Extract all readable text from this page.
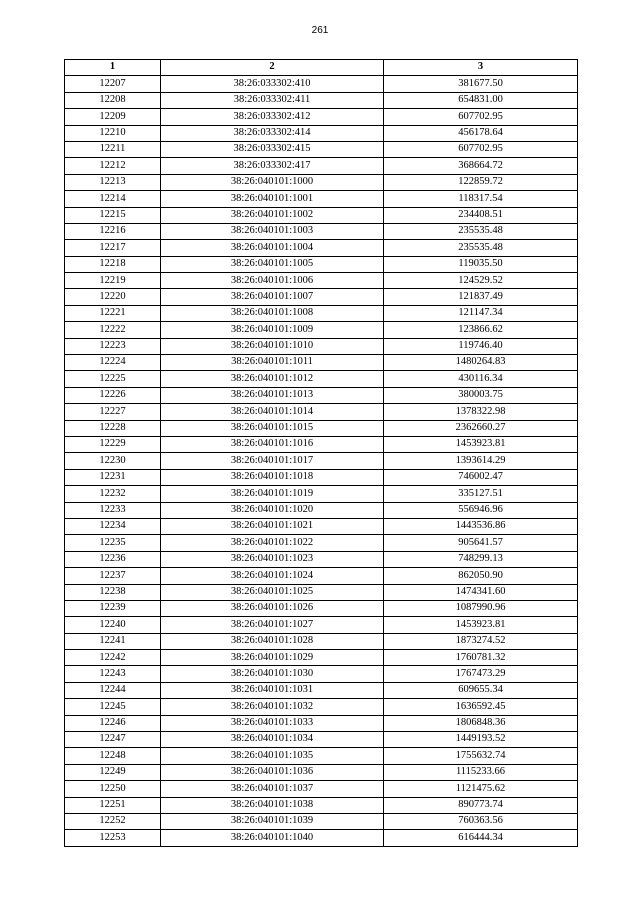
261
1	2	3
12207	38:26:033302:410	381677.50
12208	38:26:033302:411	654831.00
12209	38:26:033302:412	607702.95
12210	38:26:033302:414	456178.64
12211	38:26:033302:415	607702.95
12212	38:26:033302:417	368664.72
12213	38:26:040101:1000	122859.72
12214	38:26:040101:1001	118317.54
12215	38:26:040101:1002	234408.51
12216	38:26:040101:1003	235535.48
12217	38:26:040101:1004	235535.48
12218	38:26:040101:1005	119035.50
12219	38:26:040101:1006	124529.52
12220	38:26:040101:1007	121837.49
12221	38:26:040101:1008	121147.34
12222	38:26:040101:1009	123866.62
12223	38:26:040101:1010	119746.40
12224	38:26:040101:1011	1480264.83
12225	38:26:040101:1012	430116.34
12226	38:26:040101:1013	380003.75
12227	38:26:040101:1014	1378322.98
12228	38:26:040101:1015	2362660.27
12229	38:26:040101:1016	1453923.81
12230	38:26:040101:1017	1393614.29
12231	38:26:040101:1018	746002.47
12232	38:26:040101:1019	335127.51
12233	38:26:040101:1020	556946.96
12234	38:26:040101:1021	1443536.86
12235	38:26:040101:1022	905641.57
12236	38:26:040101:1023	748299.13
12237	38:26:040101:1024	862050.90
12238	38:26:040101:1025	1474341.60
12239	38:26:040101:1026	1087990.96
12240	38:26:040101:1027	1453923.81
12241	38:26:040101:1028	1873274.52
12242	38:26:040101:1029	1760781.32
12243	38:26:040101:1030	1767473.29
12244	38:26:040101:1031	609655.34
12245	38:26:040101:1032	1636592.45
12246	38:26:040101:1033	1806848.36
12247	38:26:040101:1034	1449193.52
12248	38:26:040101:1035	1755632.74
12249	38:26:040101:1036	1115233.66
12250	38:26:040101:1037	1121475.62
12251	38:26:040101:1038	890773.74
12252	38:26:040101:1039	760363.56
12253	38:26:040101:1040	616444.34
